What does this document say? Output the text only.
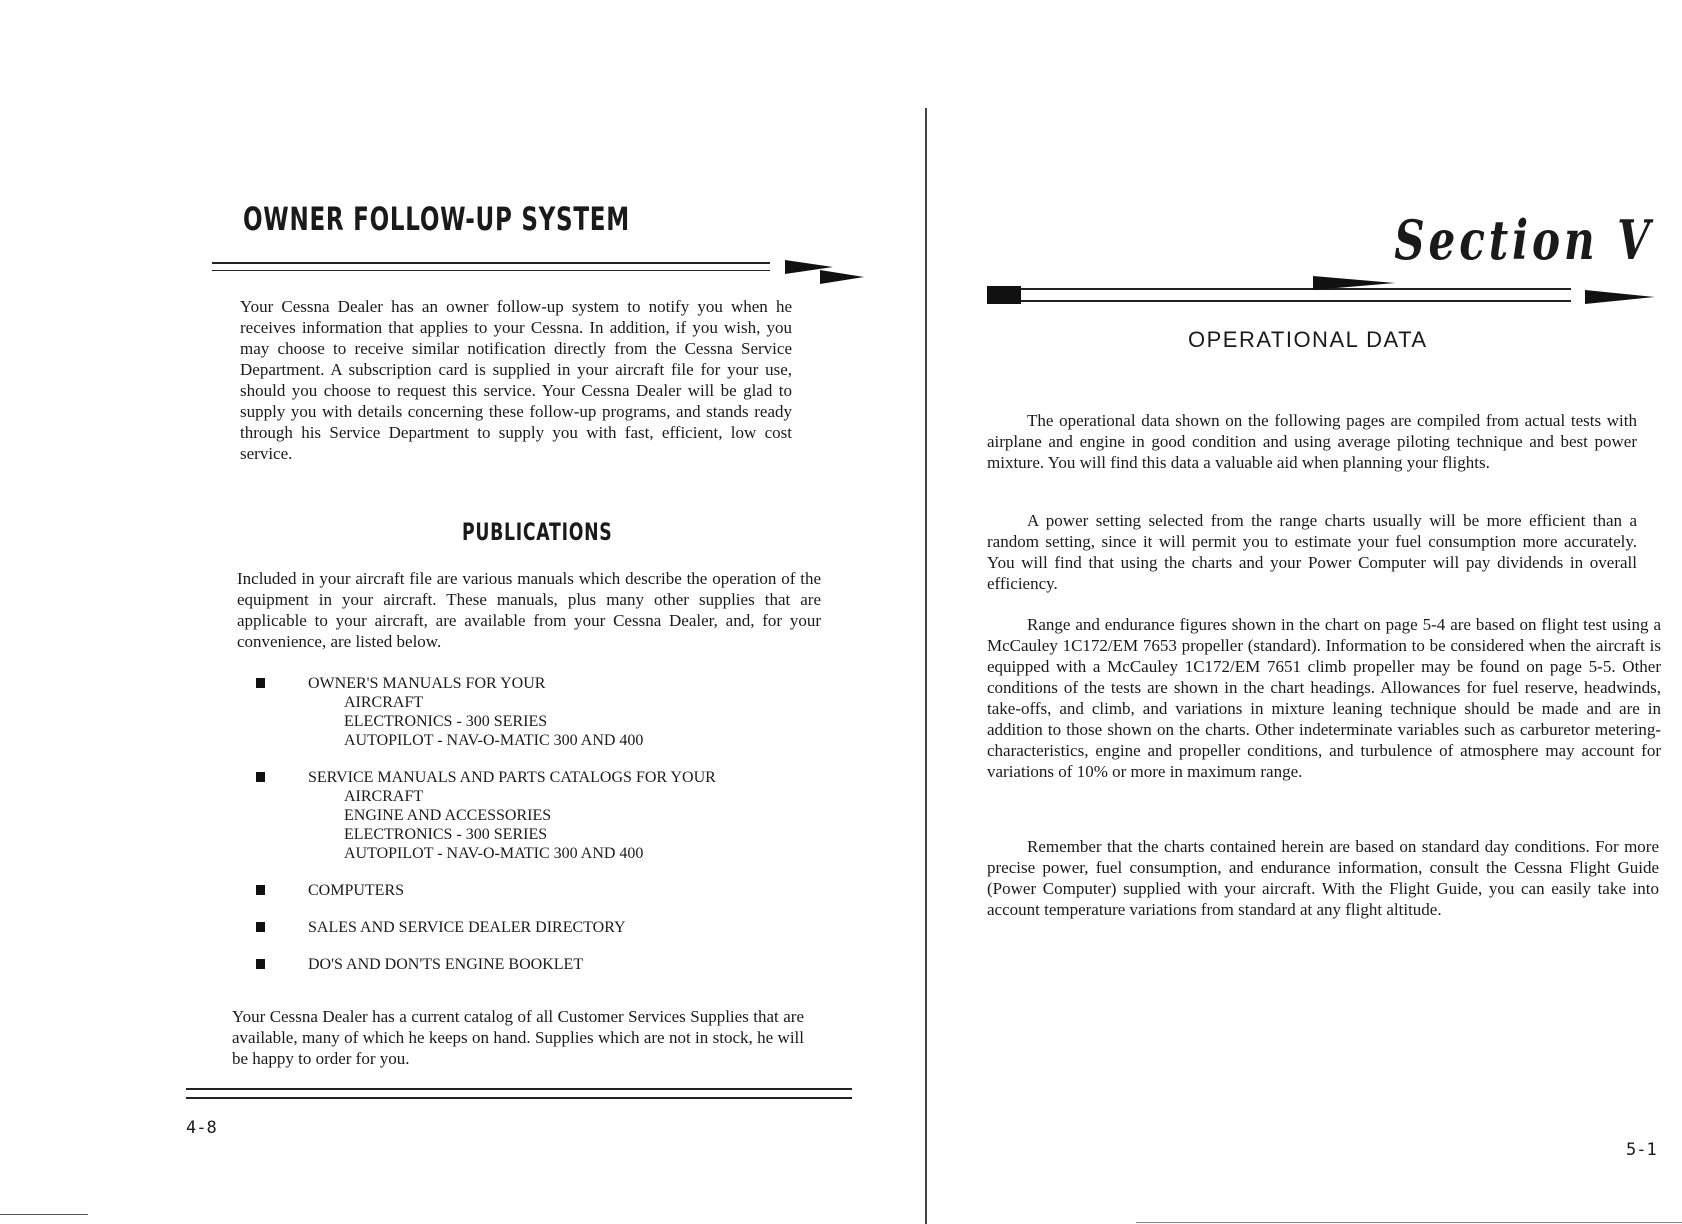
OWNER FOLLOW-UP SYSTEM

Your Cessna Dealer has an owner follow-up system to notify you when he receives information that applies to your Cessna. In addition, if you wish, you may choose to receive similar notification directly from the Cessna Service Department. A subscription card is supplied in your aircraft file for your use, should you choose to request this service. Your Cessna Dealer will be glad to supply you with details concerning these follow-up programs, and stands ready through his Service Department to supply you with fast, efficient, low cost service.

PUBLICATIONS

Included in your aircraft file are various manuals which describe the operation of the equipment in your aircraft. These manuals, plus many other supplies that are applicable to your aircraft, are available from your Cessna Dealer, and, for your convenience, are listed below.

OWNER'S MANUALS FOR YOUR
AIRCRAFT
ELECTRONICS - 300 SERIES
AUTOPILOT - NAV-O-MATIC 300 AND 400
SERVICE MANUALS AND PARTS CATALOGS FOR YOUR
AIRCRAFT
ENGINE AND ACCESSORIES
ELECTRONICS - 300 SERIES
AUTOPILOT - NAV-O-MATIC 300 AND 400
COMPUTERS
SALES AND SERVICE DEALER DIRECTORY
DO'S AND DON'TS ENGINE BOOKLET

Your Cessna Dealer has a current catalog of all Customer Services Supplies that are available, many of which he keeps on hand. Supplies which are not in stock, he will be happy to order for you.

4-8
Section V
OPERATIONAL DATA

The operational data shown on the following pages are compiled from actual tests with airplane and engine in good condition and using average piloting technique and best power mixture. You will find this data a valuable aid when planning your flights.

A power setting selected from the range charts usually will be more efficient than a random setting, since it will permit you to estimate your fuel consumption more accurately. You will find that using the charts and your Power Computer will pay dividends in overall efficiency.

Range and endurance figures shown in the chart on page 5-4 are based on flight test using a McCauley 1C172/EM 7653 propeller (standard). Information to be considered when the aircraft is equipped with a McCauley 1C172/EM 7651 climb propeller may be found on page 5-5. Other conditions of the tests are shown in the chart headings. Allowances for fuel reserve, headwinds, take-offs, and climb, and variations in mixture leaning technique should be made and are in addition to those shown on the charts. Other indeterminate variables such as carburetor metering-characteristics, engine and propeller conditions, and turbulence of atmosphere may account for variations of 10% or more in maximum range.

Remember that the charts contained herein are based on standard day conditions. For more precise power, fuel consumption, and endurance information, consult the Cessna Flight Guide (Power Computer) supplied with your aircraft. With the Flight Guide, you can easily take into account temperature variations from standard at any flight altitude.

5-1
